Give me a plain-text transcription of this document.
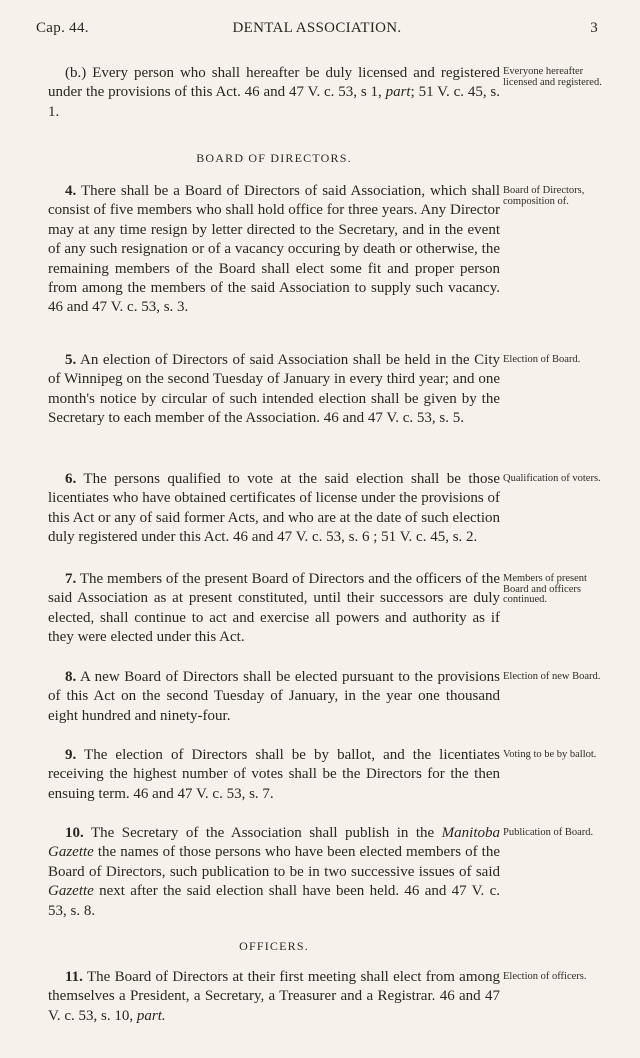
Cap. 44.	DENTAL ASSOCIATION.	3

(b.) Every person who shall hereafter be duly licensed and registered under the provisions of this Act. 46 and 47 V. c. 53, s 1, part; 51 V. c. 45, s. 1.

Everyone hereafter licensed and registered.
BOARD OF DIRECTORS.

4. There shall be a Board of Directors of said Association, which shall consist of five members who shall hold office for three years. Any Director may at any time resign by letter directed to the Secretary, and in the event of any such resignation or of a vacancy occuring by death or otherwise, the remaining members of the Board shall elect some fit and proper person from among the members of the said Association to supply such vacancy. 46 and 47 V. c. 53, s. 3.

Board of Directors, composition of.

5. An election of Directors of said Association shall be held in the City of Winnipeg on the second Tuesday of January in every third year; and one month's notice by circular of such intended election shall be given by the Secretary to each member of the Association. 46 and 47 V. c. 53, s. 5.

Election of Board.

6. The persons qualified to vote at the said election shall be those licentiates who have obtained certificates of license under the provisions of this Act or any of said former Acts, and who are at the date of such election duly registered under this Act. 46 and 47 V. c. 53, s. 6 ; 51 V. c. 45, s. 2.

Qualification of voters.

7. The members of the present Board of Directors and the officers of the said Association as at present constituted, until their successors are duly elected, shall continue to act and exercise all powers and authority as if they were elected under this Act.

Members of present Board and officers continued.

8. A new Board of Directors shall be elected pursuant to the provisions of this Act on the second Tuesday of January, in the year one thousand eight hundred and ninety-four.

Election of new Board.

9. The election of Directors shall be by ballot, and the licentiates receiving the highest number of votes shall be the Directors for the then ensuing term. 46 and 47 V. c. 53, s. 7.

Voting to be by ballot.

10. The Secretary of the Association shall publish in the Manitoba Gazette the names of those persons who have been elected members of the Board of Directors, such publication to be in two successive issues of said Gazette next after the said election shall have been held. 46 and 47 V. c. 53, s. 8.

Publication of Board.
OFFICERS.

11. The Board of Directors at their first meeting shall elect from among themselves a President, a Secretary, a Treasurer and a Registrar. 46 and 47 V. c. 53, s. 10, part.

Election of officers.
